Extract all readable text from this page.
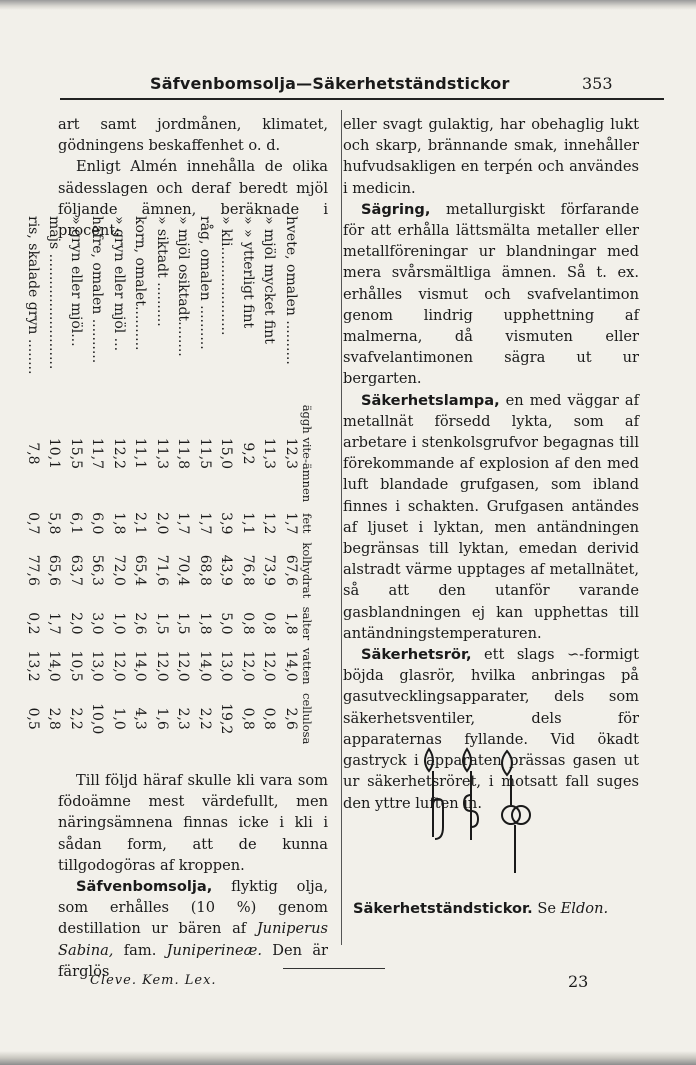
Säfvenbomsolja—Säkerhetständstickor	353

art samt jordmånen, klimatet, gödningens beskaffenhet o. d.

Enligt Almén innehålla de olika sädesslagen och deraf beredt mjöl följande ämnen, beräknade i procent:

	äggh vite-ämnen	fett	kolhydrat	salter	vatten	cellulosa
hvete, omalen ..........	12,3	1,7	67,6	1,8	14,0	2,6
» mjöl mycket fint	11,3	1,2	73,9	0,8	12,0	0,8
» » ytterligt fint	9,2	1,1	76,8	0,8	12,0	0,8
» kli....................	15,0	3,9	43,9	5,0	13,0	19,2
råg, omalen ..........	11,5	1,7	68,8	1,8	14,0	2,2
» mjöl osiktadt........	11,8	1,7	70,4	1,5	12,0	2,3
» siktadt ..........	11,3	2,0	71,6	1,5	12,0	1,6
korn, omalet..........	11,1	2,1	65,4	2,6	14,0	4,3
» gryn eller mjöl ...	12,2	1,8	72,0	1,0	12,0	1,0
hafre, omalen ..........	11,7	6,0	56,3	3,0	13,0	10,0
» gryn eller mjöl...	15,5	6,1	63,7	2,0	10,5	2,2
majs ..........................	10,1	5,8	65,6	1,7	14,0	2,8
ris, skalade gryn ........	7,8	0,7	77,6	0,2	13,2	0,5

Till följd häraf skulle kli vara som födoämne mest värdefullt, men näringsämnena finnas icke i kli i sådan form, att de kunna tillgodogöras af kroppen.

Säfvenbomsolja, flyktig olja, som erhålles (10 %) genom destillation ur bären af Juniperus Sabina, fam. Juniperineæ. Den är färglös

eller svagt gulaktig, har obehaglig lukt och skarp, brännande smak, innehåller hufvudsakligen en terpén och användes i medicin.

Sägring, metallurgiskt förfarande för att erhålla lättsmälta metaller eller metallföreningar ur blandningar med mera svårsmältliga ämnen. Så t. ex. erhålles vismut och svafvelantimon genom lindrig upphettning af malmerna, då vismuten eller svafvelantimonen sägra ut ur bergarten.

Säkerhetslampa, en med väggar af metallnät försedd lykta, som af arbetare i stenkolsgrufvor begagnas till förekommande af explosion af den med luft blandade grufgasen, som ibland finnes i schakten. Grufgasen antändes af ljuset i lyktan, men antändningen begränsas till lyktan, emedan derivid alstradt värme upptages af metallnätet, så att den utanför varande gasblandningen ej kan upphettas till antändningstemperaturen.

Säkerhetsrör, ett slags ∽-formigt böjda glasrör, hvilka anbringas på gasutvecklingsapparater, dels som säkerhetsventiler, dels för apparaternas fyllande. Vid ökadt gastryck i apparaten prässas gasen ut ur säkerhetsröret, i motsatt fall suges den yttre luften in.

Säkerhetständstickor. Se Eldon.

Cleve. Kem. Lex.	23
